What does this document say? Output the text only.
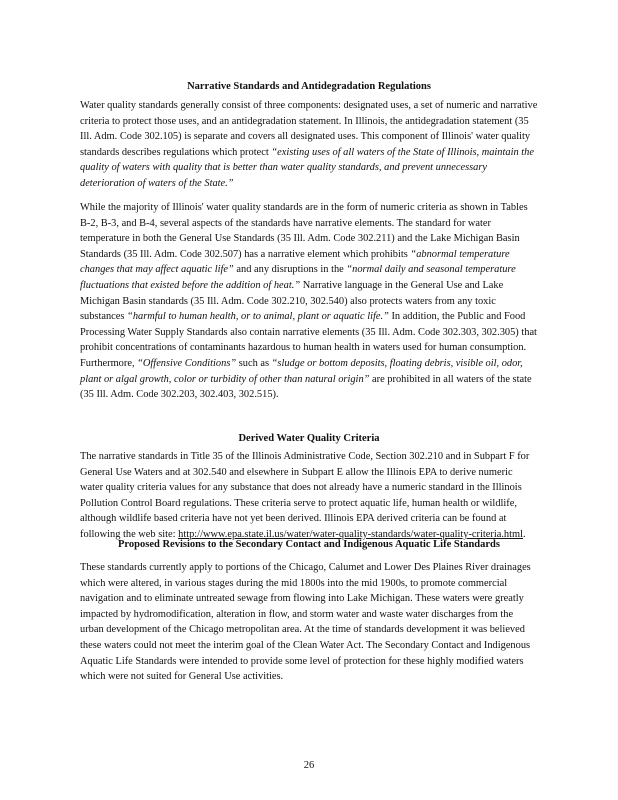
Narrative Standards and Antidegradation Regulations

Water quality standards generally consist of three components: designated uses, a set of numeric and narrative criteria to protect those uses, and an antidegradation statement. In Illinois, the antidegradation statement (35 Ill. Adm. Code 302.105) is separate and covers all designated uses. This component of Illinois' water quality standards describes regulations which protect “existing uses of all waters of the State of Illinois, maintain the quality of waters with quality that is better than water quality standards, and prevent unnecessary deterioration of waters of the State.”

While the majority of Illinois' water quality standards are in the form of numeric criteria as shown in Tables B-2, B-3, and B-4, several aspects of the standards have narrative elements. The standard for water temperature in both the General Use Standards (35 Ill. Adm. Code 302.211) and the Lake Michigan Basin Standards (35 Ill. Adm. Code 302.507) has a narrative element which prohibits “abnormal temperature changes that may affect aquatic life” and any disruptions in the “normal daily and seasonal temperature fluctuations that existed before the addition of heat.” Narrative language in the General Use and Lake Michigan Basin standards (35 Ill. Adm. Code 302.210, 302.540) also protects waters from any toxic substances “harmful to human health, or to animal, plant or aquatic life.” In addition, the Public and Food Processing Water Supply Standards also contain narrative elements (35 Ill. Adm. Code 302.303, 302.305) that prohibit concentrations of contaminants hazardous to human health in waters used for human consumption. Furthermore, “Offensive Conditions” such as “sludge or bottom deposits, floating debris, visible oil, odor, plant or algal growth, color or turbidity of other than natural origin” are prohibited in all waters of the state (35 Ill. Adm. Code 302.203, 302.403, 302.515).

Derived Water Quality Criteria

The narrative standards in Title 35 of the Illinois Administrative Code, Section 302.210 and in Subpart F for General Use Waters and at 302.540 and elsewhere in Subpart E allow the Illinois EPA to derive numeric water quality criteria values for any substance that does not already have a numeric standard in the Illinois Pollution Control Board regulations. These criteria serve to protect aquatic life, human health or wildlife, although wildlife based criteria have not yet been derived. Illinois EPA derived criteria can be found at following the web site: http://www.epa.state.il.us/water/water-quality-standards/water-quality-criteria.html.

Proposed Revisions to the Secondary Contact and Indigenous Aquatic Life Standards

These standards currently apply to portions of the Chicago, Calumet and Lower Des Plaines River drainages which were altered, in various stages during the mid 1800s into the mid 1900s, to promote commercial navigation and to eliminate untreated sewage from flowing into Lake Michigan. These waters were greatly impacted by hydromodification, alteration in flow, and storm water and waste water discharges from the urban development of the Chicago metropolitan area. At the time of standards development it was believed these waters could not meet the interim goal of the Clean Water Act. The Secondary Contact and Indigenous Aquatic Life Standards were intended to provide some level of protection for these highly modified waters which were not suited for General Use activities.

26
